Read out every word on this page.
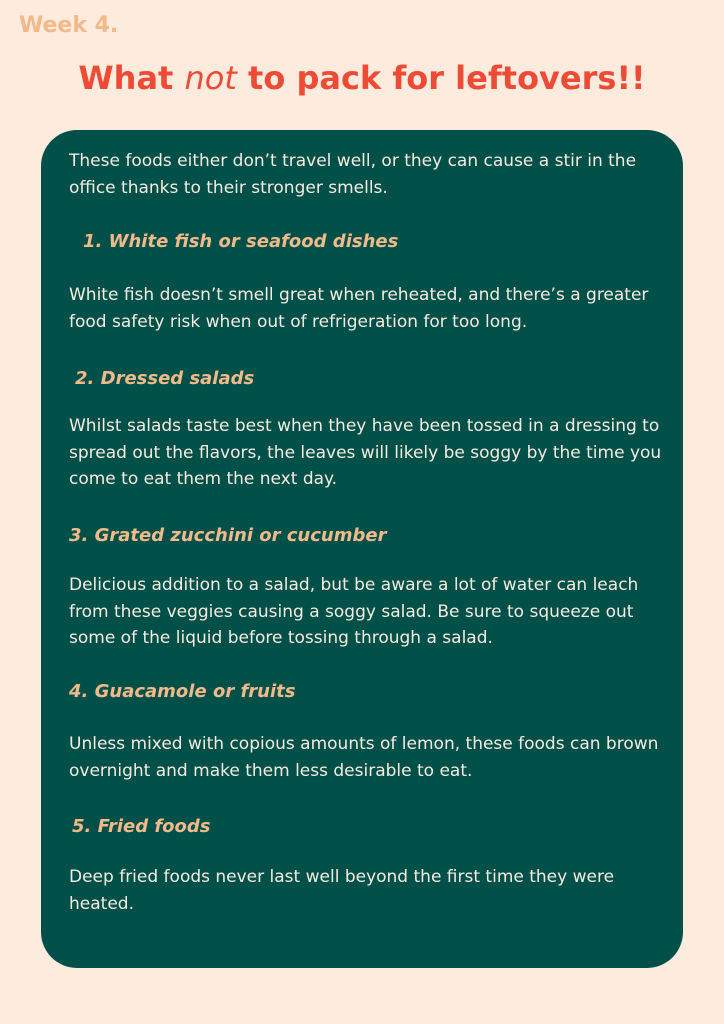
Week 4.
What not to pack for leftovers!!

These foods either don’t travel well, or they can cause a stir in the office thanks to their stronger smells.

1. White fish or seafood dishes

White fish doesn’t smell great when reheated, and there’s a greater food safety risk when out of refrigeration for too long.

2. Dressed salads

Whilst salads taste best when they have been tossed in a dressing to spread out the flavors, the leaves will likely be soggy by the time you come to eat them the next day.

3. Grated zucchini or cucumber

Delicious addition to a salad, but be aware a lot of water can leach from these veggies causing a soggy salad. Be sure to squeeze out some of the liquid before tossing through a salad.

4. Guacamole or fruits

Unless mixed with copious amounts of lemon, these foods can brown overnight and make them less desirable to eat.

5. Fried foods

Deep fried foods never last well beyond the first time they were heated.
